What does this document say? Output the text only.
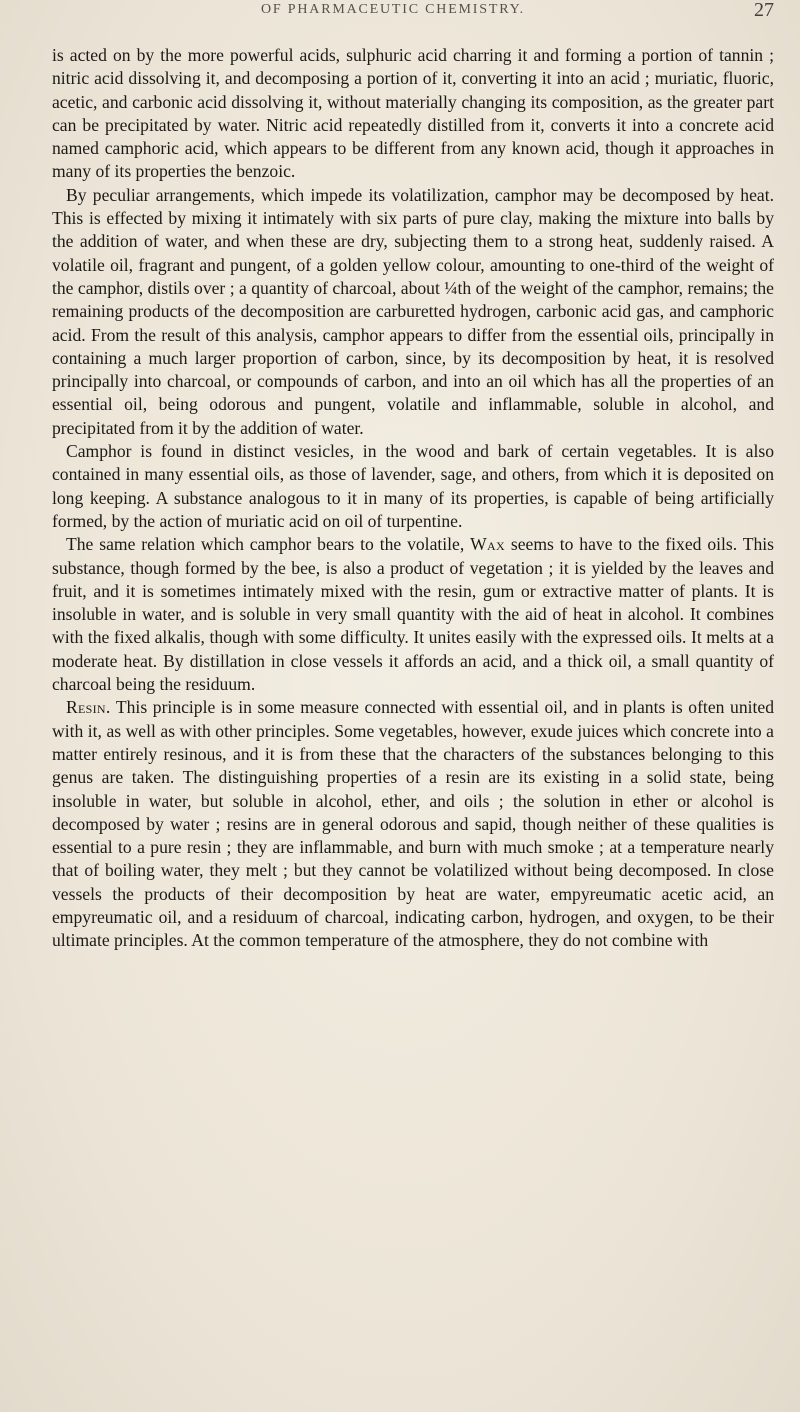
OF PHARMACEUTIC CHEMISTRY.	27

is acted on by the more powerful acids, sulphuric acid charring it and forming a portion of tannin ; nitric acid dissolving it, and decomposing a portion of it, converting it into an acid ; muriatic, fluoric, acetic, and carbonic acid dissolving it, without materially changing its composition, as the greater part can be precipitated by water. Nitric acid repeatedly distilled from it, converts it into a concrete acid named camphoric acid, which appears to be different from any known acid, though it approaches in many of its properties the benzoic.

By peculiar arrangements, which impede its volatilization, camphor may be decomposed by heat. This is effected by mixing it intimately with six parts of pure clay, making the mixture into balls by the addition of water, and when these are dry, subjecting them to a strong heat, suddenly raised. A volatile oil, fragrant and pungent, of a golden yellow colour, amounting to one-third of the weight of the camphor, distils over ; a quantity of charcoal, about ¼th of the weight of the camphor, remains; the remaining products of the decomposition are carburetted hydrogen, carbonic acid gas, and camphoric acid. From the result of this analysis, camphor appears to differ from the essential oils, principally in containing a much larger proportion of carbon, since, by its decomposition by heat, it is resolved principally into charcoal, or compounds of carbon, and into an oil which has all the properties of an essential oil, being odorous and pungent, volatile and inflammable, soluble in alcohol, and precipitated from it by the addition of water.

Camphor is found in distinct vesicles, in the wood and bark of certain vegetables. It is also contained in many essential oils, as those of lavender, sage, and others, from which it is deposited on long keeping. A substance analogous to it in many of its properties, is capable of being artificially formed, by the action of muriatic acid on oil of turpentine.

The same relation which camphor bears to the volatile, Wax seems to have to the fixed oils. This substance, though formed by the bee, is also a product of vegetation ; it is yielded by the leaves and fruit, and it is sometimes intimately mixed with the resin, gum or extractive matter of plants. It is insoluble in water, and is soluble in very small quantity with the aid of heat in alcohol. It combines with the fixed alkalis, though with some difficulty. It unites easily with the expressed oils. It melts at a moderate heat. By distillation in close vessels it affords an acid, and a thick oil, a small quantity of charcoal being the residuum.

Resin. This principle is in some measure connected with essential oil, and in plants is often united with it, as well as with other principles. Some vegetables, however, exude juices which concrete into a matter entirely resinous, and it is from these that the characters of the substances belonging to this genus are taken. The distinguishing properties of a resin are its existing in a solid state, being insoluble in water, but soluble in alcohol, ether, and oils ; the solution in ether or alcohol is decomposed by water ; resins are in general odorous and sapid, though neither of these qualities is essential to a pure resin ; they are inflammable, and burn with much smoke ; at a temperature nearly that of boiling water, they melt ; but they cannot be volatilized without being decomposed. In close vessels the products of their decomposition by heat are water, empyreumatic acetic acid, an empyreumatic oil, and a residuum of charcoal, indicating carbon, hydrogen, and oxygen, to be their ultimate principles. At the common temperature of the atmosphere, they do not combine with
